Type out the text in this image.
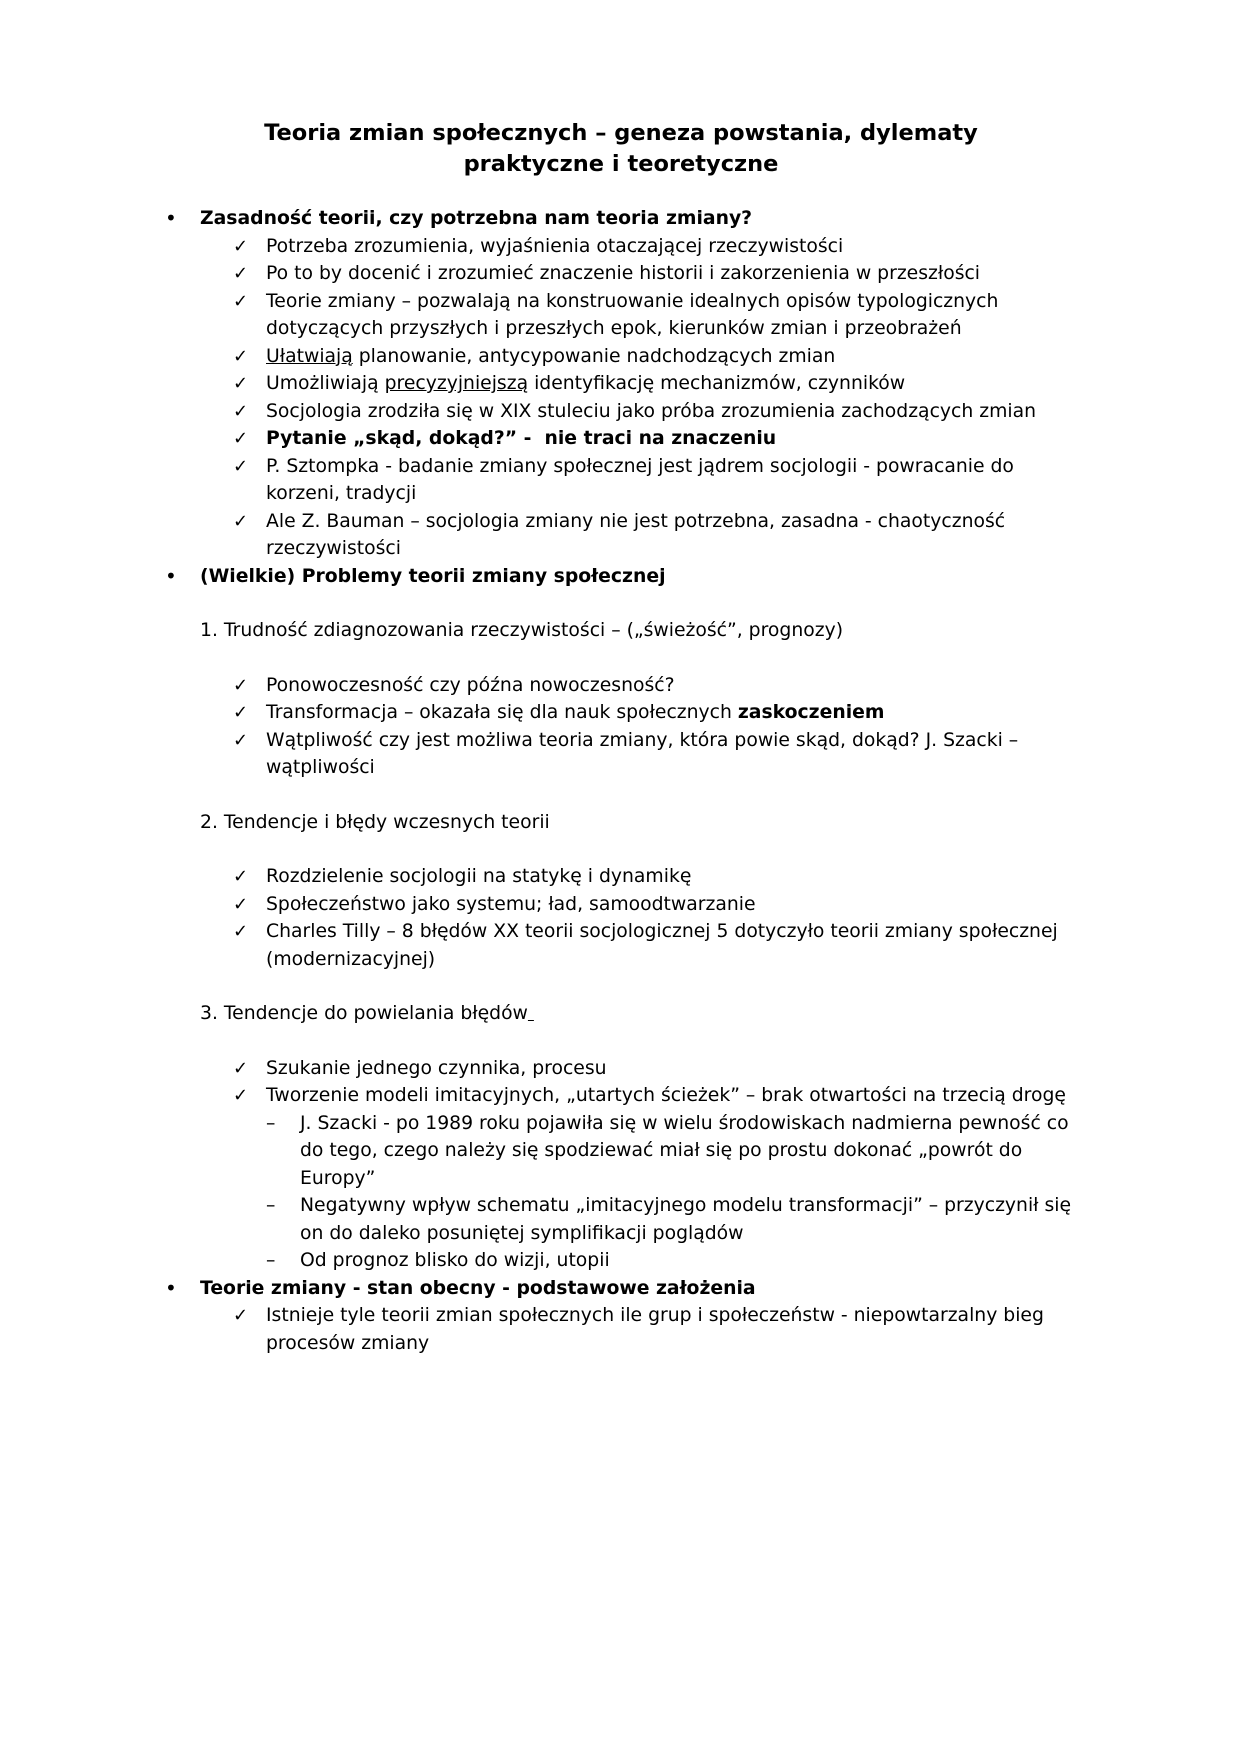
Teoria zmian społecznych – geneza powstania, dylematy
praktyczne i teoretyczne
•	Zasadność teorii, czy potrzebna nam teoria zmiany?
✓ Potrzeba zrozumienia, wyjaśnienia otaczającej rzeczywistości
✓ Po to by docenić i zrozumieć znaczenie historii i zakorzenienia w przeszłości
✓ Teorie zmiany – pozwalają na konstruowanie idealnych opisów typologicznych dotyczących przyszłych i przeszłych epok, kierunków zmian i przeobrażeń
✓ Ułatwiają planowanie, antycypowanie nadchodzących zmian
✓ Umożliwiają precyzyjniejszą identyfikację mechanizmów, czynników
✓ Socjologia zrodziła się w XIX stuleciu jako próba zrozumienia zachodzących zmian
✓ Pytanie „skąd, dokąd?” -  nie traci na znaczeniu
✓ P. Sztompka - badanie zmiany społecznej jest jądrem socjologii - powracanie do korzeni, tradycji
✓ Ale Z. Bauman – socjologia zmiany nie jest potrzebna, zasadna - chaotyczność rzeczywistości
•	(Wielkie) Problemy teorii zmiany społecznej
1. Trudność zdiagnozowania rzeczywistości – („świeżość”, prognozy)
✓ Ponowoczesność czy późna nowoczesność?
✓ Transformacja – okazała się dla nauk społecznych zaskoczeniem
✓ Wątpliwość czy jest możliwa teoria zmiany, która powie skąd, dokąd? J. Szacki – wątpliwości
2. Tendencje i błędy wczesnych teorii
✓ Rozdzielenie socjologii na statykę i dynamikę
✓ Społeczeństwo jako systemu; ład, samoodtwarzanie
✓ Charles Tilly – 8 błędów XX teorii socjologicznej 5 dotyczyło teorii zmiany społecznej (modernizacyjnej)
3. Tendencje do powielania błędów
✓ Szukanie jednego czynnika, procesu
✓ Tworzenie modeli imitacyjnych, „utartych ścieżek” – brak otwartości na trzecią drogę
–	J. Szacki - po 1989 roku pojawiła się w wielu środowiskach nadmierna pewność co do tego, czego należy się spodziewać miał się po prostu dokonać „powrót do Europy”
–	Negatywny wpływ schematu „imitacyjnego modelu transformacji” – przyczynił się on do daleko posuniętej symplifikacji poglądów
–	Od prognoz blisko do wizji, utopii
•	Teorie zmiany - stan obecny - podstawowe założenia
✓ Istnieje tyle teorii zmian społecznych ile grup i społeczeństw - niepowtarzalny bieg procesów zmiany
